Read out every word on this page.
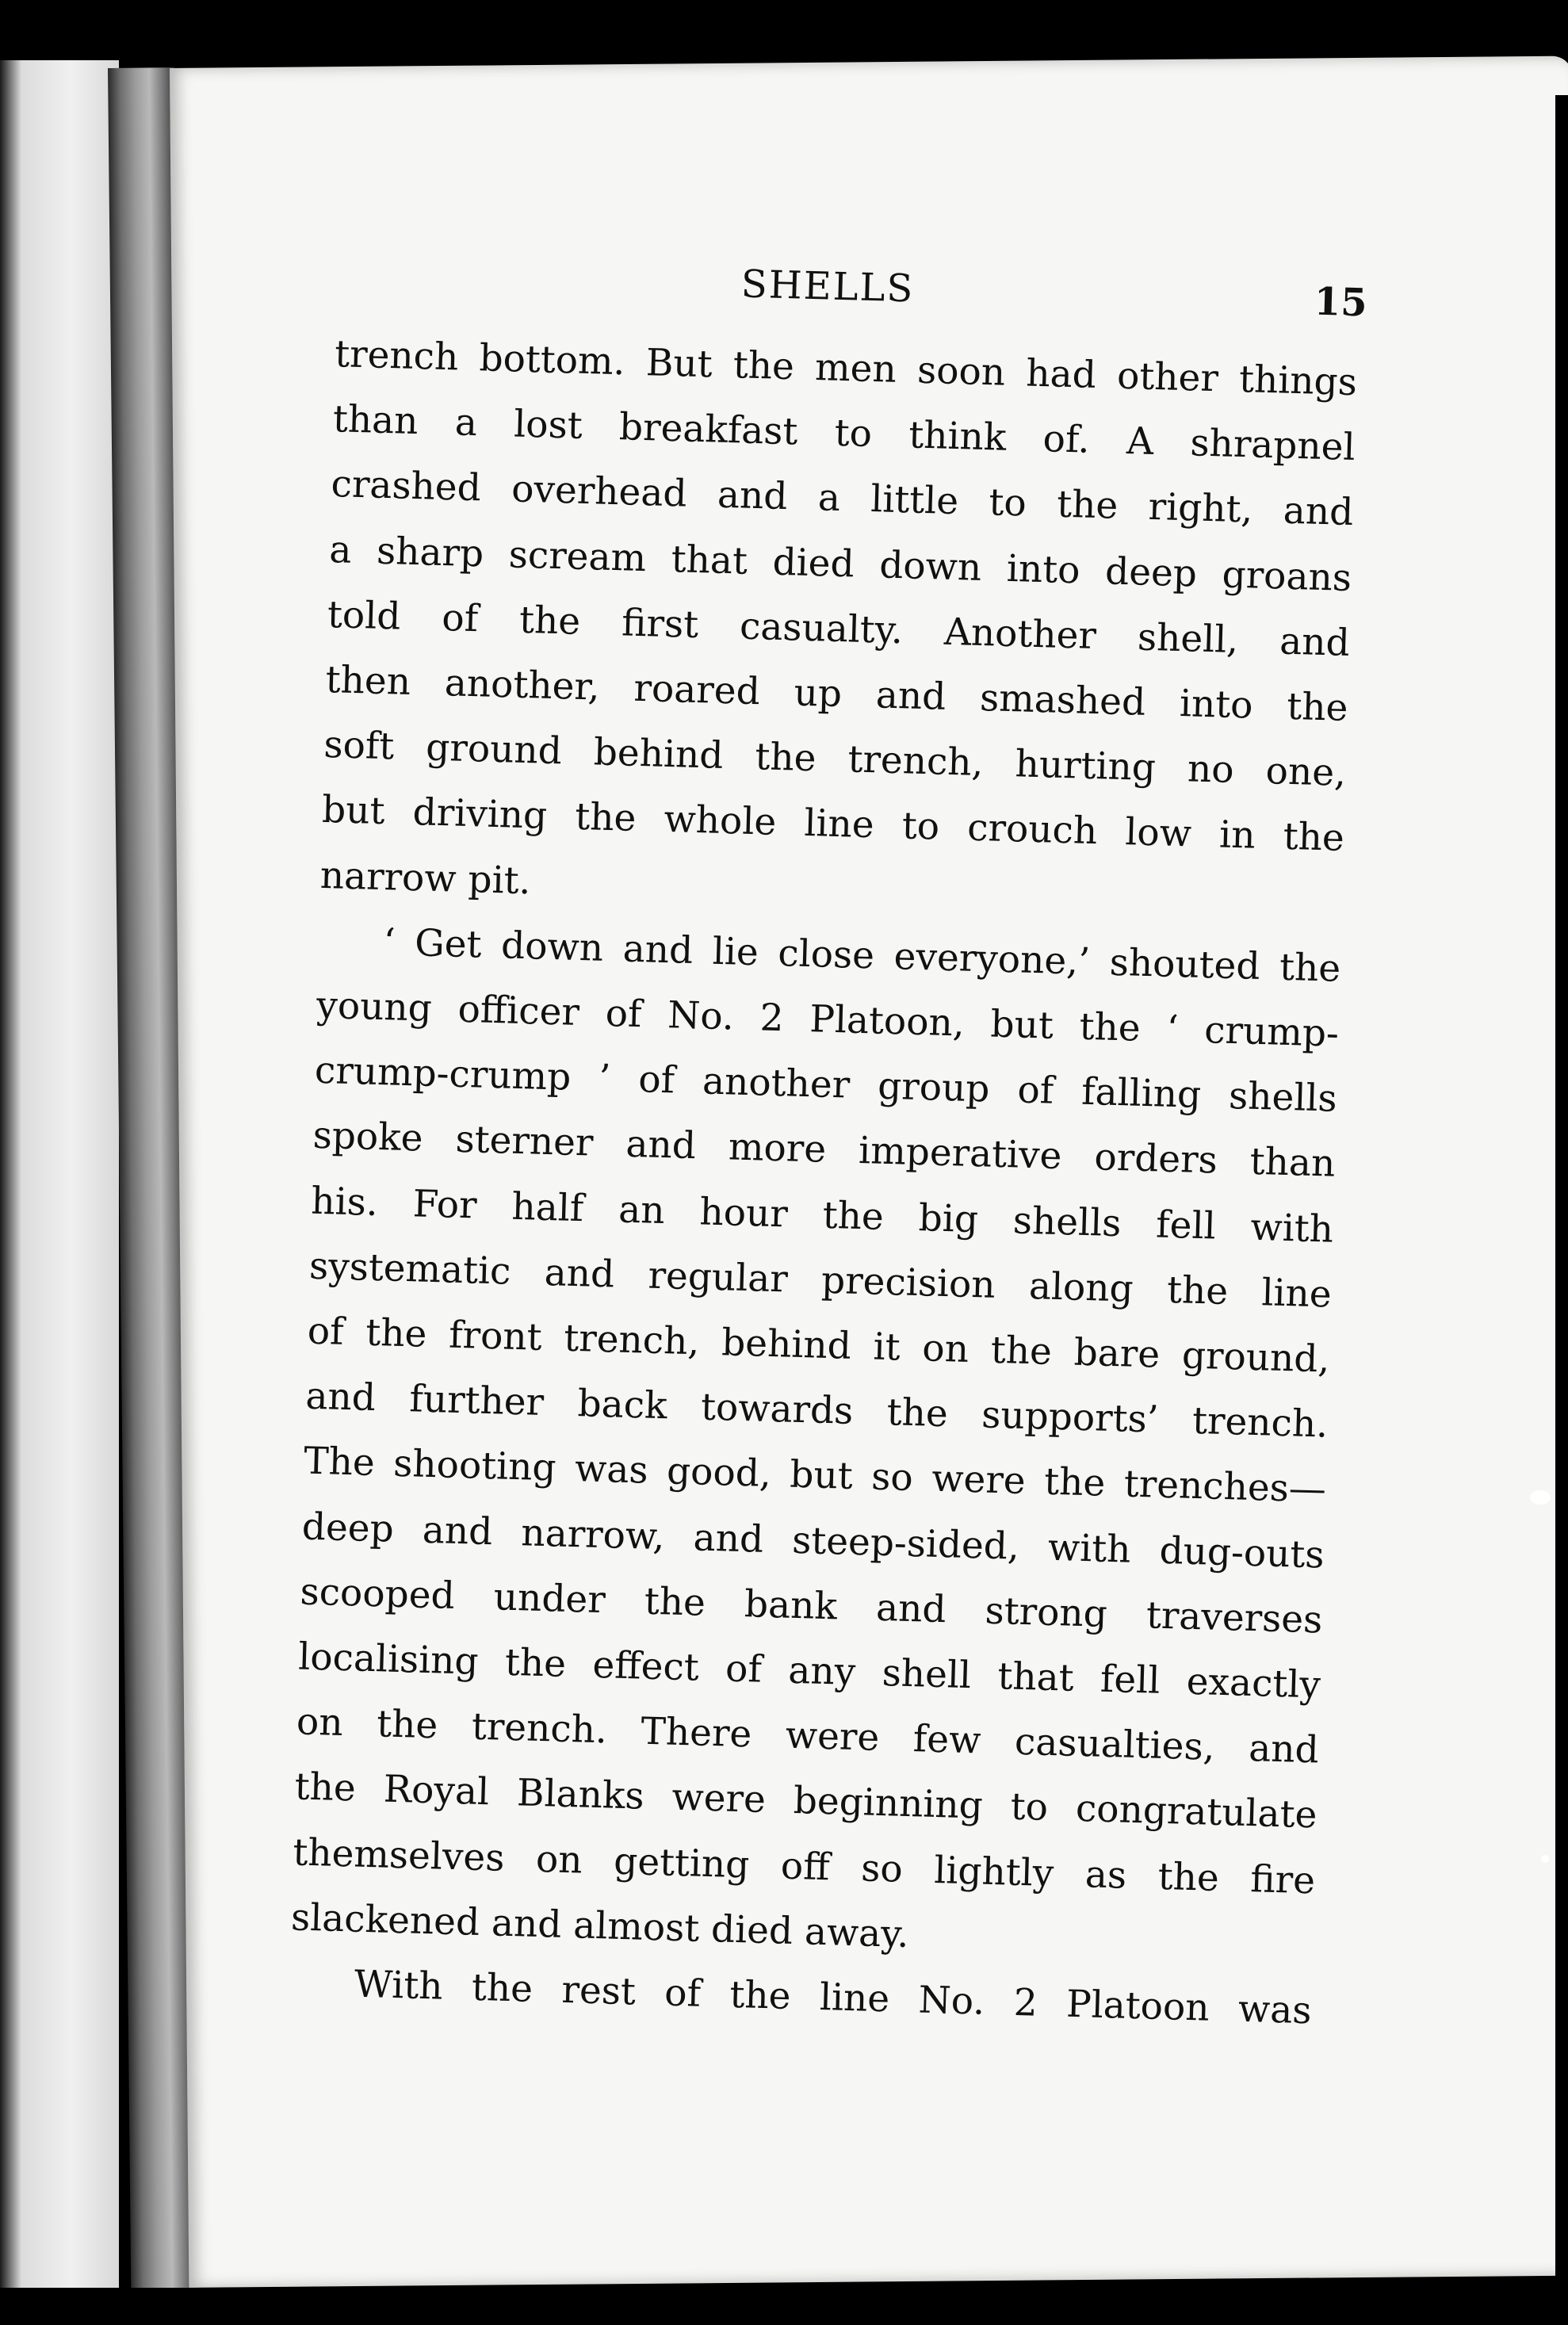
SHELLS	15
trench bottom. But the men soon had other things
than a lost breakfast to think of. A shrapnel
crashed overhead and a little to the right, and
a sharp scream that died down into deep groans
told of the first casualty. Another shell, and
then another, roared up and smashed into the
soft ground behind the trench, hurting no one,
but driving the whole line to crouch low in the
narrow pit.
‘ Get down and lie close everyone,’ shouted the
young officer of No. 2 Platoon, but the ‘ crump-
crump-crump ’ of another group of falling shells
spoke sterner and more imperative orders than
his. For half an hour the big shells fell with
systematic and regular precision along the line
of the front trench, behind it on the bare ground,
and further back towards the supports’ trench.
The shooting was good, but so were the trenches—
deep and narrow, and steep-sided, with dug-outs
scooped under the bank and strong traverses
localising the effect of any shell that fell exactly
on the trench. There were few casualties, and
the Royal Blanks were beginning to congratulate
themselves on getting off so lightly as the fire
slackened and almost died away.
With the rest of the line No. 2 Platoon was
